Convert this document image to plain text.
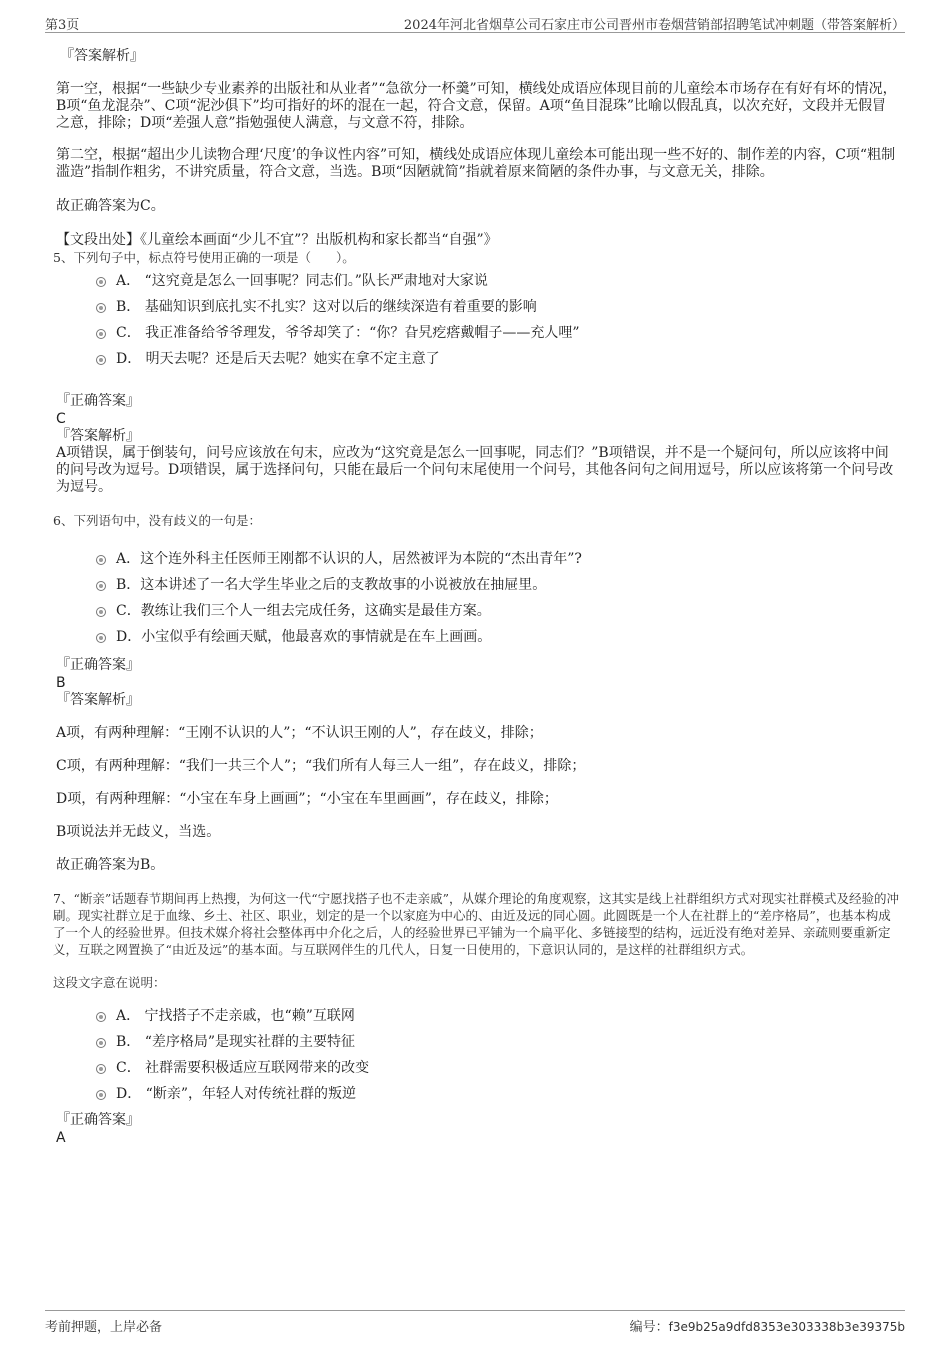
第3页	2024年河北省烟草公司石家庄市公司晋州市卷烟营销部招聘笔试冲刺题（带答案解析）
『答案解析』

第一空，根据“一些缺少专业素养的出版社和从业者”“急欲分一杯羹”可知，横线处成语应体现目前的儿童绘本市场存在有好有坏的情况，B项“鱼龙混杂”、C项“泥沙俱下”均可指好的坏的混在一起，符合文意，保留。A项“鱼目混珠”比喻以假乱真，以次充好，文段并无假冒之意，排除；D项“差强人意”指勉强使人满意，与文意不符，排除。

第二空，根据“超出少儿读物合理‘尺度’的争议性内容”可知，横线处成语应体现儿童绘本可能出现一些不好的、制作差的内容，C项“粗制滥造”指制作粗劣，不讲究质量，符合文意，当选。B项“因陋就简”指就着原来简陋的条件办事，与文意无关，排除。

故正确答案为C。

【文段出处】《儿童绘本画面“少儿不宜”？出版机构和家长都当“自强”》

5、下列句子中，标点符号使用正确的一项是（　　）。

A． “这究竟是怎么一回事呢？同志们。”队长严肃地对大家说
B． 基础知识到底扎实不扎实？这对以后的继续深造有着重要的影响
C． 我正准备给爷爷理发，爷爷却笑了：“你？旮旯疙瘩戴帽子——充人哩”
D． 明天去呢？还是后天去呢？她实在拿不定主意了
『正确答案』
C
『答案解析』

A项错误，属于倒装句，问号应该放在句末，应改为“这究竟是怎么一回事呢，同志们？”B项错误，并不是一个疑问句，所以应该将中间的问号改为逗号。D项错误，属于选择问句，只能在最后一个问句末尾使用一个问号，其他各问句之间用逗号，所以应该将第一个问号改为逗号。

6、下列语句中，没有歧义的一句是：

A．这个连外科主任医师王刚都不认识的人，居然被评为本院的“杰出青年”?
B．这本讲述了一名大学生毕业之后的支教故事的小说被放在抽屉里。
C．教练让我们三个人一组去完成任务，这确实是最佳方案。
D．小宝似乎有绘画天赋，他最喜欢的事情就是在车上画画。
『正确答案』
B
『答案解析』

A项，有两种理解：“王刚不认识的人”；“不认识王刚的人”，存在歧义，排除；

C项，有两种理解：“我们一共三个人”；“我们所有人每三人一组”，存在歧义，排除；

D项，有两种理解：“小宝在车身上画画”；“小宝在车里画画”，存在歧义，排除；

B项说法并无歧义，当选。

故正确答案为B。

7、“断亲”话题春节期间再上热搜，为何这一代“宁愿找搭子也不走亲戚”，从媒介理论的角度观察，这其实是线上社群组织方式对现实社群模式及经验的冲刷。现实社群立足于血缘、乡土、社区、职业，划定的是一个以家庭为中心的、由近及远的同心圆。此圆既是一个人在社群上的“差序格局”，也基本构成了一个人的经验世界。但技术媒介将社会整体再中介化之后，人的经验世界已平铺为一个扁平化、多链接型的结构，远近没有绝对差异、亲疏则要重新定义，互联之网置换了“由近及远”的基本面。与互联网伴生的几代人，日复一日使用的，下意识认同的，是这样的社群组织方式。

这段文字意在说明：

A． 宁找搭子不走亲戚，也“赖”互联网
B． “差序格局”是现实社群的主要特征
C． 社群需要积极适应互联网带来的改变
D． “断亲”，年轻人对传统社群的叛逆
『正确答案』
A
考前押题，上岸必备	编号：f3e9b25a9dfd8353e303338b3e39375b
